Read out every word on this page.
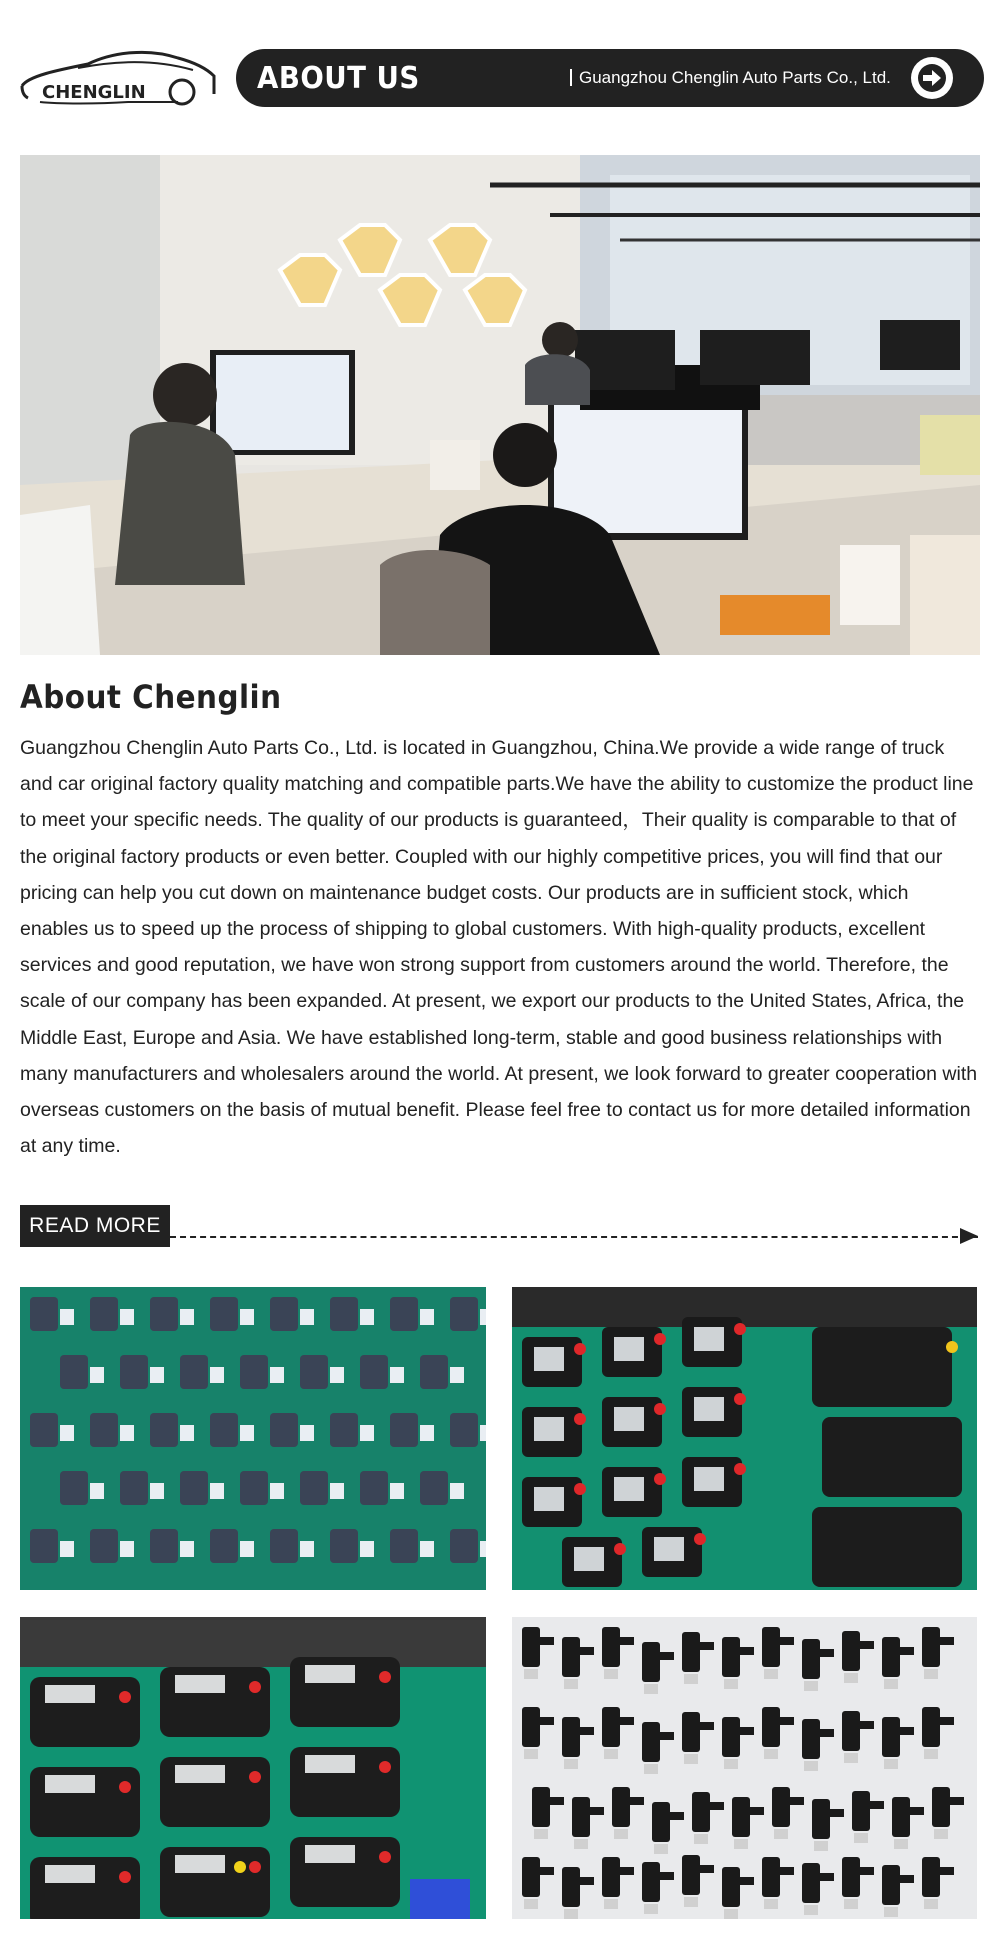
CHENGLIN	ABOUT US	Guangzhou Chenglin Auto Parts Co., Ltd.
About Chenglin
Guangzhou Chenglin Auto Parts Co., Ltd. is located in Guangzhou, China.We provide a wide range of truck and car original factory quality matching and compatible parts.We have the ability to customize the product line to meet your specific needs. The quality of our products is guaranteed，Their quality is comparable to that of the original factory products or even better. Coupled with our highly competitive prices, you will find that our pricing can help you cut down on maintenance budget costs. Our products are in sufficient stock, which enables us to speed up the process of shipping to global customers. With high-quality products, excellent services and good reputation, we have won strong support from customers around the world. Therefore, the scale of our company has been expanded. At present, we export our products to the United States, Africa, the Middle East, Europe and Asia. We have established long-term, stable and good business relationships with many manufacturers and wholesalers around the world. At present, we look forward to greater cooperation with overseas customers on the basis of mutual benefit. Please feel free to contact us for more detailed information at any time.
READ MORE
